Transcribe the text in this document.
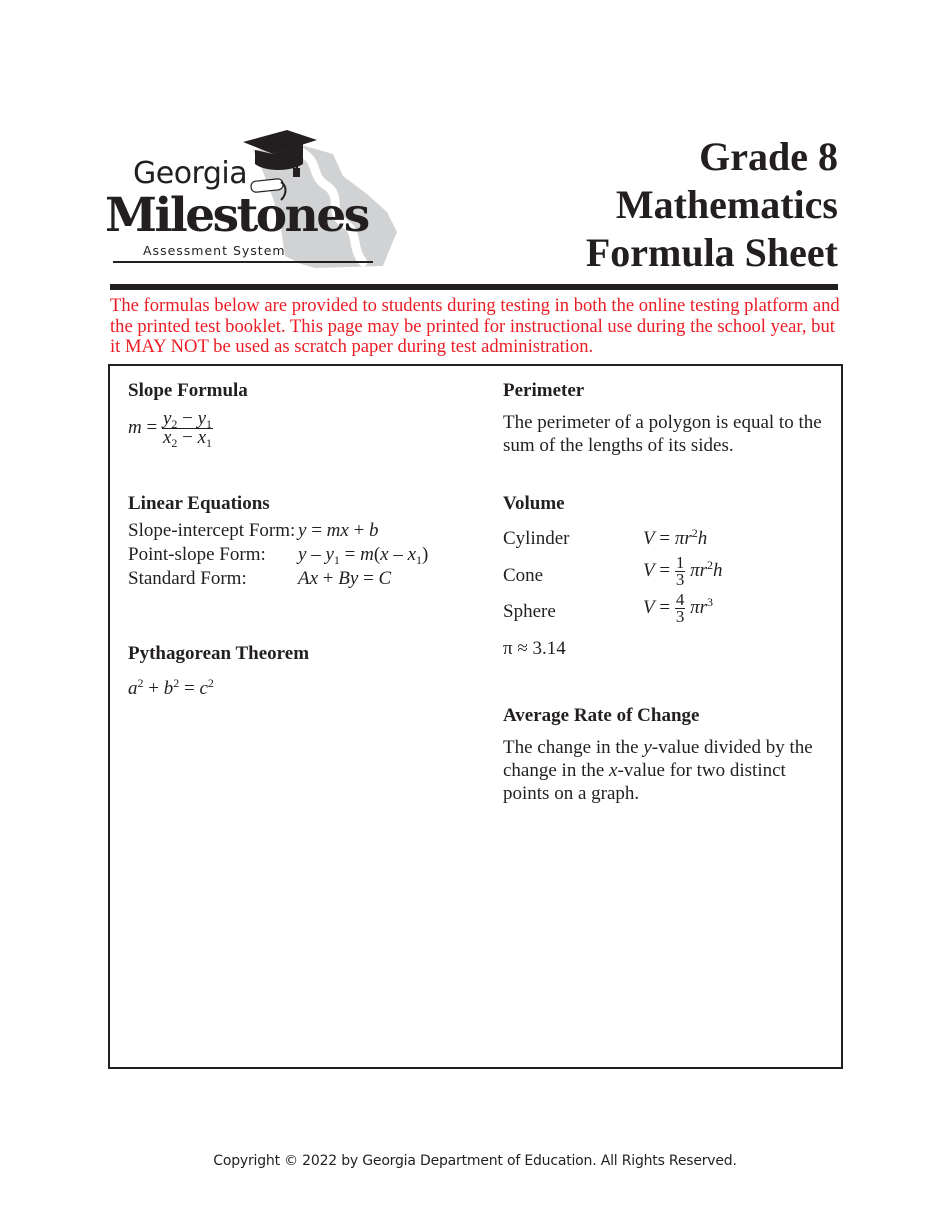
Georgia
Milestones
Assessment System
Grade 8
Mathematics
Formula Sheet
The formulas below are provided to students during testing in both the online testing platform and the printed test booklet. This page may be printed for instructional use during the school year, but it MAY NOT be used as scratch paper during test administration.
Slope Formula
$m = \frac{y_2 - y_1}{x_2 - x_1}$
Linear Equations
Slope-intercept Form: y = mx + b
Point-slope Form: $y - y_1 = m(x - x_1)$
Standard Form:	Ax + By = C
Pythagorean Theorem
$a^2 + b^2 = c^2$
Perimeter
The perimeter of a polygon is equal to the
sum of the lengths of its sides.
Volume
Cylinder	$V = \pi r^2h$
Cone	$V = \frac{1}{3} \pi r^2h$
Sphere	$V = \frac{4}{3} \pi r^3$
π ≈ 3.14
Average Rate of Change
The change in the y-value divided by the
change in the x-value for two distinct
points on a graph.
Copyright © 2022 by Georgia Department of Education. All Rights Reserved.
